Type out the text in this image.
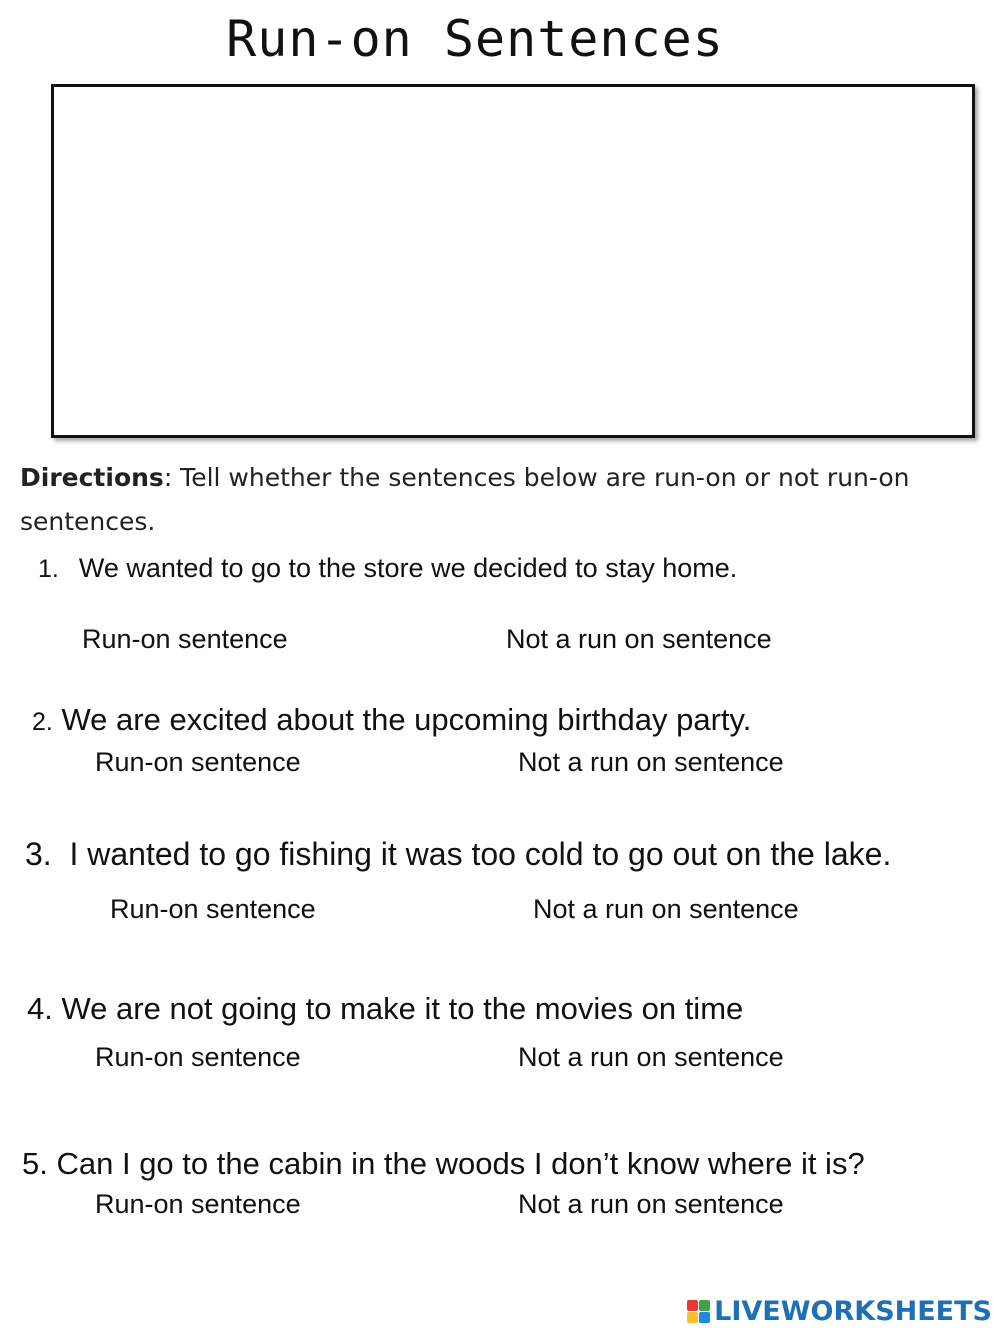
Run-on Sentences
Directions: Tell whether the sentences below are run-on or not run-on sentences.
1. We wanted to go to the store we decided to stay home.
Run-on sentence	Not a run on sentence
2. We are excited about the upcoming birthday party.
Run-on sentence	Not a run on sentence
3. I wanted to go fishing it was too cold to go out on the lake.
Run-on sentence	Not a run on sentence
4. We are not going to make it to the movies on time
Run-on sentence	Not a run on sentence
5. Can I go to the cabin in the woods I don’t know where it is?
Run-on sentence	Not a run on sentence
LIVEWORKSHEETS
